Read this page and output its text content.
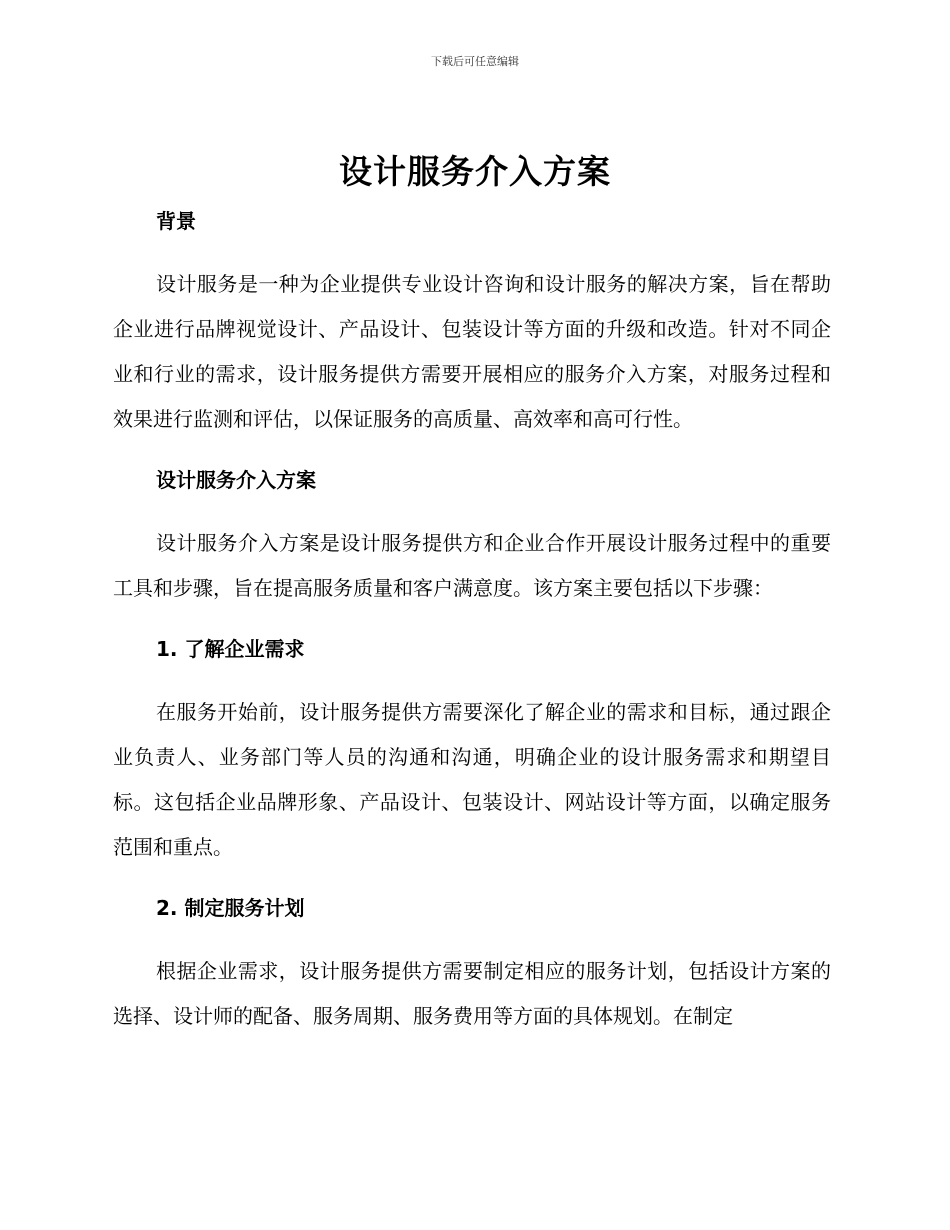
下载后可任意编辑
设计服务介入方案
背景

设计服务是一种为企业提供专业设计咨询和设计服务的解决方案，旨在帮助企业进行品牌视觉设计、产品设计、包装设计等方面的升级和改造。针对不同企业和行业的需求，设计服务提供方需要开展相应的服务介入方案，对服务过程和效果进行监测和评估，以保证服务的高质量、高效率和高可行性。

设计服务介入方案

设计服务介入方案是设计服务提供方和企业合作开展设计服务过程中的重要工具和步骤，旨在提高服务质量和客户满意度。该方案主要包括以下步骤：

1. 了解企业需求

在服务开始前，设计服务提供方需要深化了解企业的需求和目标，通过跟企业负责人、业务部门等人员的沟通和沟通，明确企业的设计服务需求和期望目标。这包括企业品牌形象、产品设计、包装设计、网站设计等方面，以确定服务范围和重点。

2. 制定服务计划

根据企业需求，设计服务提供方需要制定相应的服务计划，包括设计方案的选择、设计师的配备、服务周期、服务费用等方面的具体规划。在制定
